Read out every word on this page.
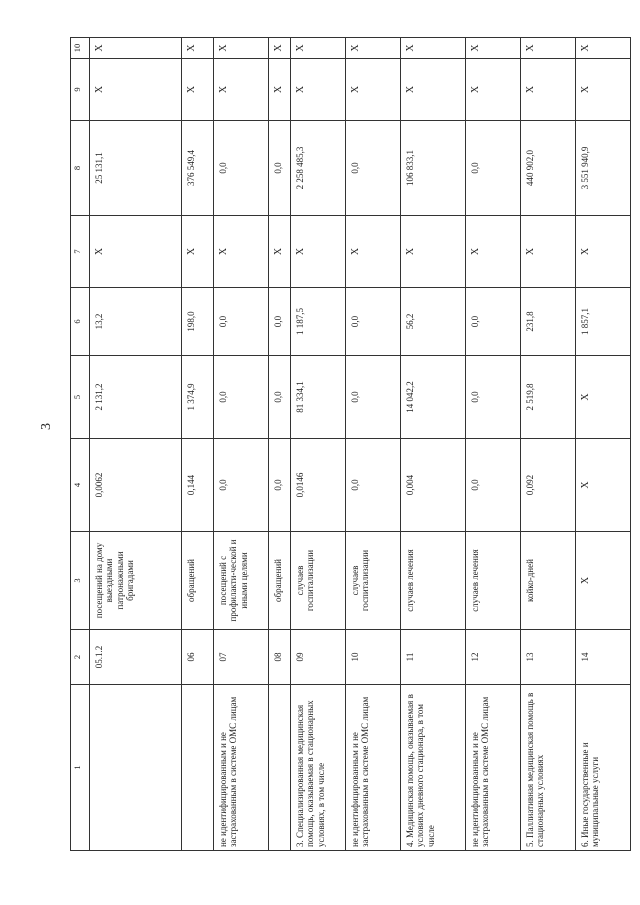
3
1	2	3	4	5	6	7	8	9	10
	05.1.2	посещений на дому выездными патронажными бригадами	0,0062	2 131,2	13,2	X	25 131,1	X	X
	06	обращений	0,144	1 374,9	198,0	X	376 549,4	X	X
не идентифицированным и не застрахованным в системе ОМС лицам	07	посещений с профилакти-ческой и иными целями	0,0	0,0	0,0	X	0,0	X	X
	08	обращений	0,0	0,0	0,0	X	0,0	X	X
3. Специализированная медицинская помощь, оказываемая в стационарных условиях, в том числе	09	случаев госпитализации	0,0146	81 334,1	1 187,5	X	2 258 485,3	X	X
не идентифицированным и не застрахованным в системе ОМС лицам	10	случаев госпитализации	0,0	0,0	0,0	X	0,0	X	X
4. Медицинская помощь, оказываемая в условиях дневного стационара, в том числе	11	случаев лечения	0,004	14 042,2	56,2	X	106 833,1	X	X
не идентифицированным и не застрахованным в системе ОМС лицам	12	случаев лечения	0,0	0,0	0,0	X	0,0	X	X
5. Паллиативная медицинская помощь в стационарных условиях	13	койко-дней	0,092	2 519,8	231,8	X	440 902,0	X	X
6. Иные государственные и муниципальные услуги	14	X	X	X	1 857,1	X	3 551 940,9	X	X
